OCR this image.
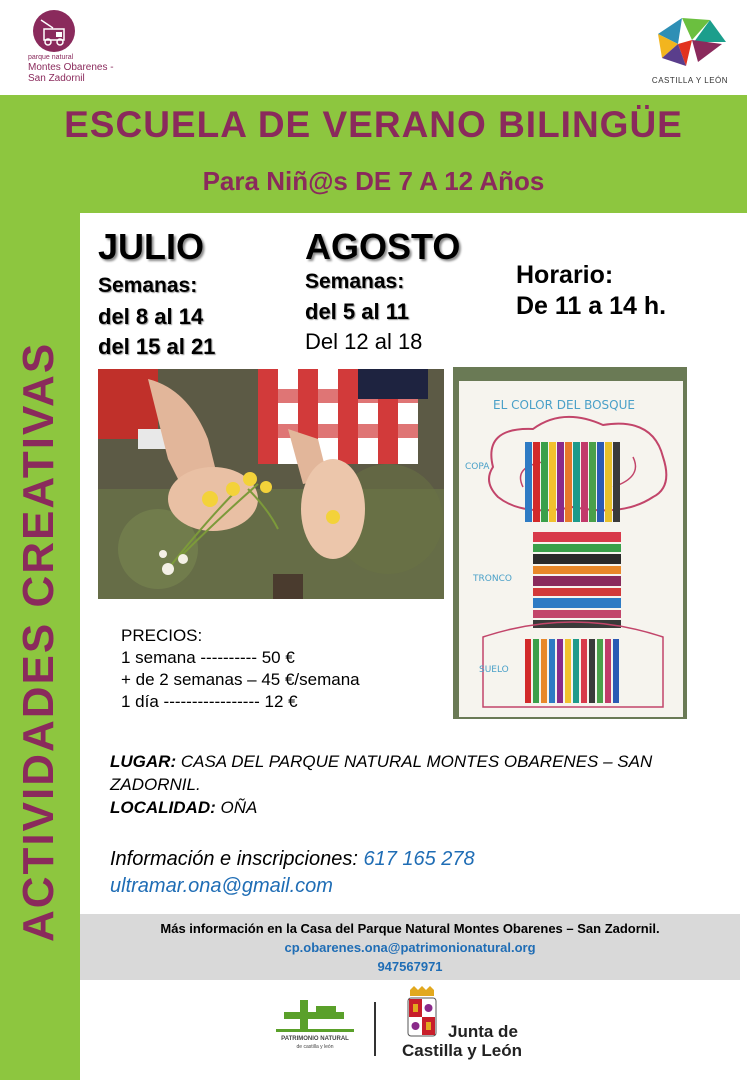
parque natural
Montes Obarenes -
San Zadornil	CASTILLA Y LEÓN
ESCUELA DE VERANO BILINGÜE
Para Niñ@s DE 7 A 12 Años
ACTIVIDADES CREATIVAS
JULIO
Semanas:
del 8 al 14
del 15 al 21
AGOSTO
Semanas:
del 5 al 11
Del 12 al 18
Horario:
De 11 a 14 h.
EL COLOR DEL BOSQUE
COPA
TRONCO
SUELO
PRECIOS:
1 semana ---------- 50 €
+ de 2 semanas – 45 €/semana
1 día ----------------- 12 €
LUGAR: CASA DEL PARQUE NATURAL MONTES OBARENES – SAN ZADORNIL.
LOCALIDAD: OÑA
Información e inscripciones: 617 165 278
ultramar.ona@gmail.com
Más información en la Casa del Parque Natural Montes Obarenes – San Zadornil.
cp.obarenes.ona@patrimonionatural.org
947567971
PATRIMONIO NATURAL
de castilla y león
Junta de
Castilla y León
